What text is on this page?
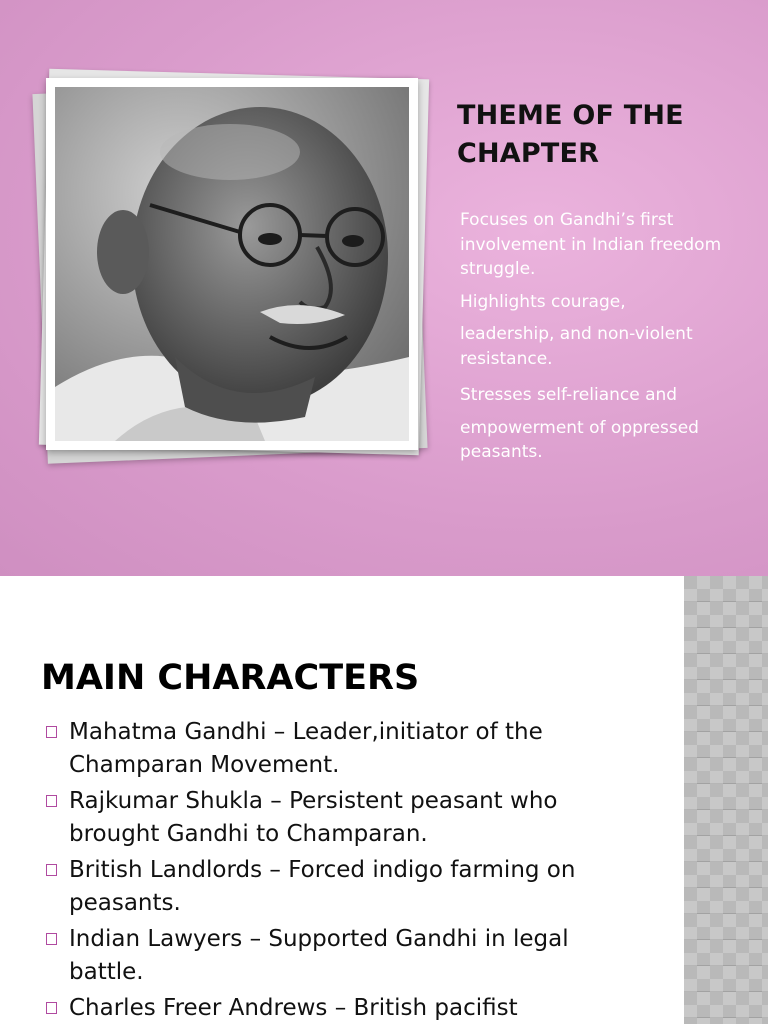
THEME OF THE CHAPTER
Focuses on Gandhi’s first involvement in Indian freedom struggle.
Highlights courage,
leadership, and non-violent resistance.
Stresses self-reliance and
empowerment of oppressed peasants.
MAIN CHARACTERS
Mahatma Gandhi – Leader,initiator of the Champaran Movement.
Rajkumar Shukla – Persistent peasant who brought Gandhi to Champaran.
British Landlords – Forced indigo farming on peasants.
Indian Lawyers – Supported Gandhi in legal battle.
Charles Freer Andrews – British pacifist
